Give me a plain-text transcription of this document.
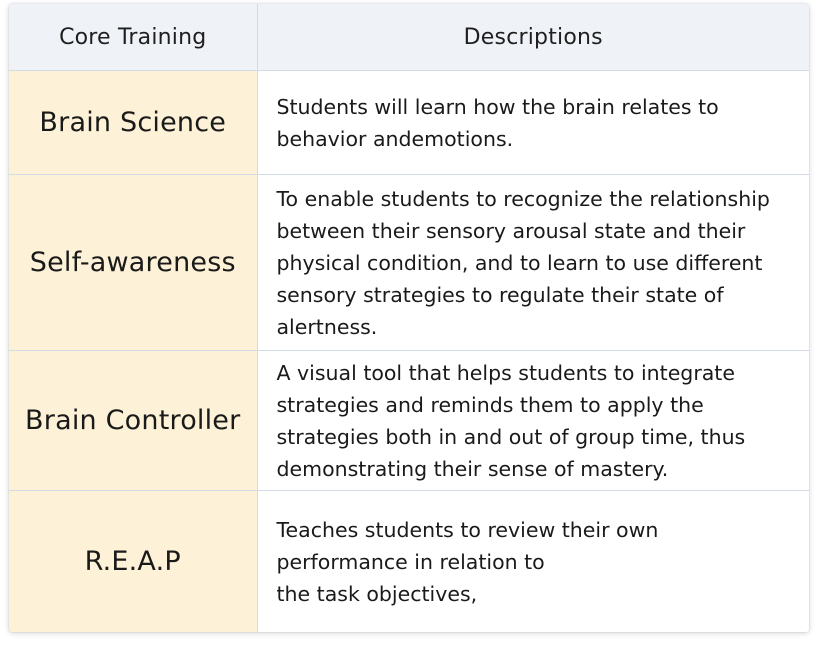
Core Training	Descriptions
Brain Science	Students will learn how the brain relates to
behavior andemotions.

Self-awareness	To enable students to recognize the relationship
between their sensory arousal state and their
physical condition, and to learn to use different
sensory strategies to regulate their state of
alertness.

Brain Controller	A visual tool that helps students to integrate
strategies and reminds them to apply the
strategies both in and out of group time, thus
demonstrating their sense of mastery.

R.E.A.P	Teaches students to review their own
performance in relation to
the task objectives,
